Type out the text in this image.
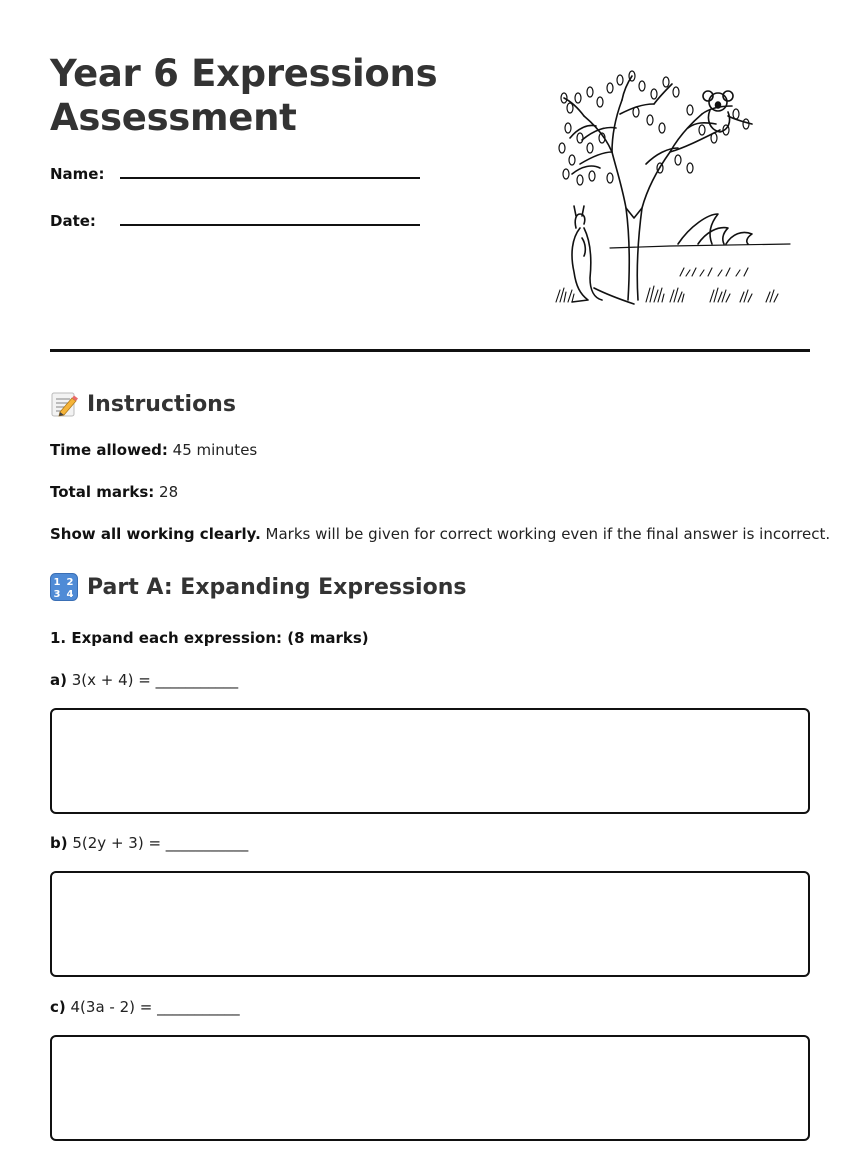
Year 6 Expressions
Assessment
Name:
Date:
Instructions

Time allowed: 45 minutes

Total marks: 28

Show all working clearly. Marks will be given for correct working even if the final answer is incorrect.

1 2
3 4 Part A: Expanding Expressions

1. Expand each expression: (8 marks)

a) 3(x + 4) = ___________

b) 5(2y + 3) = ___________

c) 4(3a - 2) = ___________
